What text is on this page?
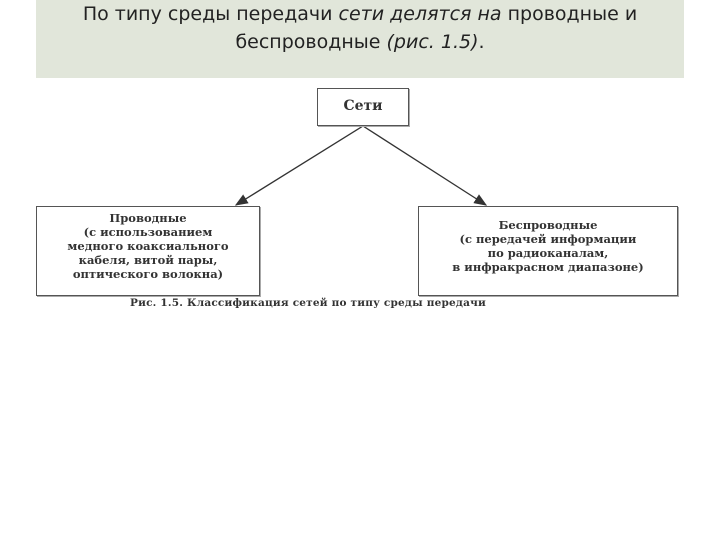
По типу среды передачи сети делятся на проводные и
беспроводные (рис. 1.5).
Сети
Проводные
(с использованием
медного коаксиального
кабеля, витой пары,
оптического волокна)
Беспроводные
(с передачей информации
по радиоканалам,
в инфракрасном диапазоне)
Рис. 1.5. Классификация сетей по типу среды передачи
